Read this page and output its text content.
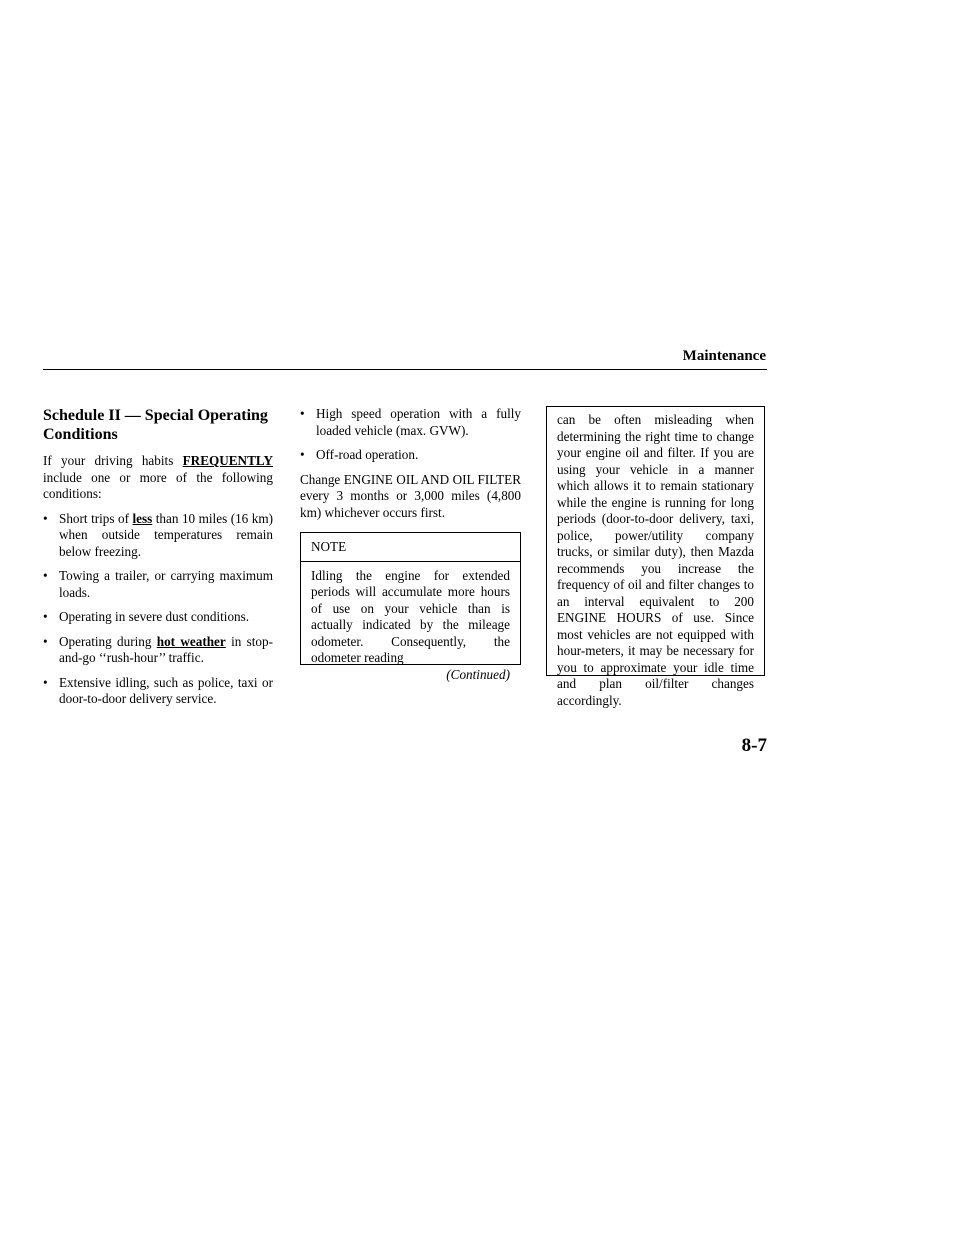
Maintenance
Schedule II — Special Operating Conditions

If your driving habits FREQUENTLY include one or more of the following conditions:

• Short trips of less than 10 miles (16 km) when outside temperatures remain below freezing.
• Towing a trailer, or carrying maximum loads.
• Operating in severe dust conditions.
• Operating during hot weather in stop-and-go ‘‘rush-hour’’ traffic.
• Extensive idling, such as police, taxi or door-to-door delivery service.
• High speed operation with a fully loaded vehicle (max. GVW).
• Off-road operation.

Change ENGINE OIL AND OIL FILTER every 3 months or 3,000 miles (4,800 km) whichever occurs first.

NOTE
Idling the engine for extended periods will accumulate more hours of use on your vehicle than is actually indicated by the mileage odometer. Consequently, the odometer reading
(Continued)
can be often misleading when determining the right time to change your engine oil and filter. If you are using your vehicle in a manner which allows it to remain stationary while the engine is running for long periods (door-to-door delivery, taxi, police, power/utility company trucks, or similar duty), then Mazda recommends you increase the frequency of oil and filter changes to an interval equivalent to 200 ENGINE HOURS of use. Since most vehicles are not equipped with hour-meters, it may be necessary for you to approximate your idle time and plan oil/filter changes accordingly.
8-7
